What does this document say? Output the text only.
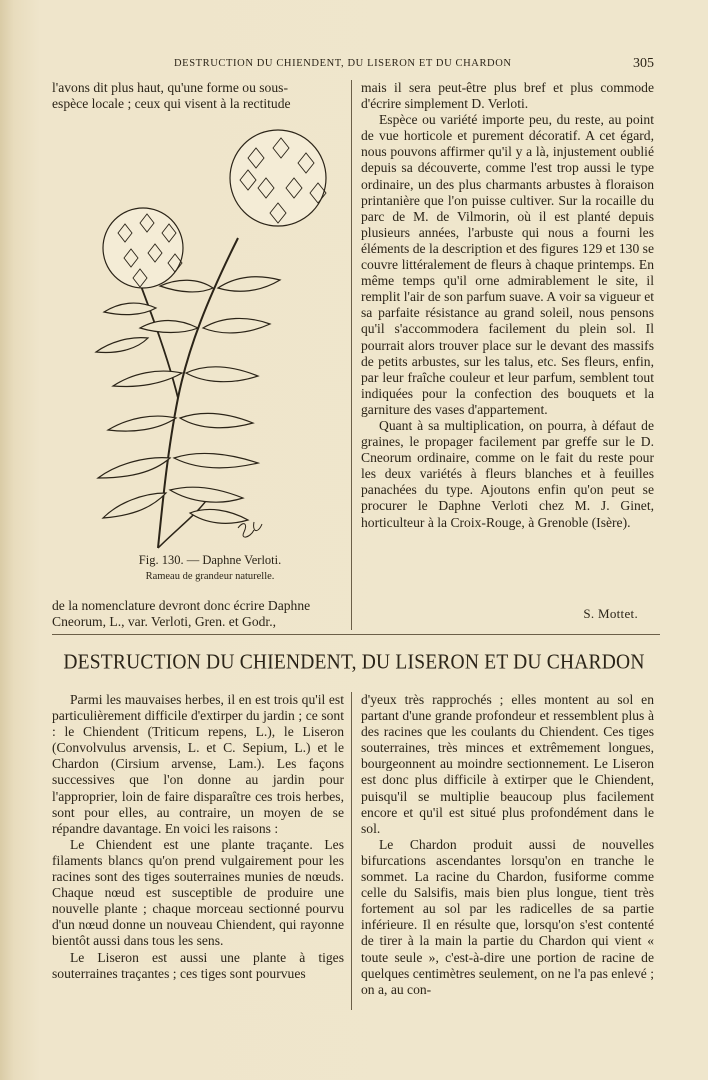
DESTRUCTION DU CHIENDENT, DU LISERON ET DU CHARDON	305

l'avons dit plus haut, qu'une forme ou sous-

espèce locale ; ceux qui visent à la rectitude

Fig. 130. — Daphne Verloti.
Rameau de grandeur naturelle.

de la nomenclature devront donc écrire Daphne

Cneorum, L., var. Verloti, Gren. et Godr.,

mais il sera peut-être plus bref et plus commode d'écrire simplement D. Verloti.

Espèce ou variété importe peu, du reste, au point de vue horticole et purement décoratif. A cet égard, nous pouvons affirmer qu'il y a là, injustement oublié depuis sa découverte, comme l'est trop aussi le type ordinaire, un des plus charmants arbustes à floraison printanière que l'on puisse cultiver. Sur la rocaille du parc de M. de Vilmorin, où il est planté depuis plusieurs années, l'arbuste qui nous a fourni les éléments de la description et des figures 129 et 130 se couvre littéralement de fleurs à chaque printemps. En même temps qu'il orne admirablement le site, il remplit l'air de son parfum suave. A voir sa vigueur et sa parfaite résistance au grand soleil, nous pensons qu'il s'accommodera facilement du plein sol. Il pourrait alors trouver place sur le devant des massifs de petits arbustes, sur les talus, etc. Ses fleurs, enfin, par leur fraîche couleur et leur parfum, semblent tout indiquées pour la confection des bouquets et la garniture des vases d'appartement.

Quant à sa multiplication, on pourra, à défaut de graines, le propager facilement par greffe sur le D. Cneorum ordinaire, comme on le fait du reste pour les deux variétés à fleurs blanches et à feuilles panachées du type. Ajoutons enfin qu'on peut se procurer le Daphne Verloti chez M. J. Ginet, horticulteur à la Croix-Rouge, à Grenoble (Isère).

S. Mottet.
DESTRUCTION DU CHIENDENT, DU LISERON ET DU CHARDON

Parmi les mauvaises herbes, il en est trois qu'il est particulièrement difficile d'extirper du jardin ; ce sont : le Chiendent (Triticum repens, L.), le Liseron (Convolvulus arvensis, L. et C. Sepium, L.) et le Chardon (Cirsium arvense, Lam.). Les façons successives que l'on donne au jardin pour l'approprier, loin de faire disparaître ces trois herbes, sont pour elles, au contraire, un moyen de se répandre davantage. En voici les raisons :

Le Chiendent est une plante traçante. Les filaments blancs qu'on prend vulgairement pour les racines sont des tiges souterraines munies de nœuds. Chaque nœud est susceptible de produire une nouvelle plante ; chaque morceau sectionné pourvu d'un nœud donne un nouveau Chiendent, qui rayonne bientôt aussi dans tous les sens.

Le Liseron est aussi une plante à tiges souterraines traçantes ; ces tiges sont pourvues

d'yeux très rapprochés ; elles montent au sol en partant d'une grande profondeur et ressemblent plus à des racines que les coulants du Chiendent. Ces tiges souterraines, très minces et extrêmement longues, bourgeonnent au moindre sectionnement. Le Liseron est donc plus difficile à extirper que le Chiendent, puisqu'il se multiplie beaucoup plus facilement encore et qu'il est situé plus profondément dans le sol.

Le Chardon produit aussi de nouvelles bifurcations ascendantes lorsqu'on en tranche le sommet. La racine du Chardon, fusiforme comme celle du Salsifis, mais bien plus longue, tient très fortement au sol par les radicelles de sa partie inférieure. Il en résulte que, lorsqu'on s'est contenté de tirer à la main la partie du Chardon qui vient « toute seule », c'est-à-dire une portion de racine de quelques centimètres seulement, on ne l'a pas enlevé ; on a, au con-
